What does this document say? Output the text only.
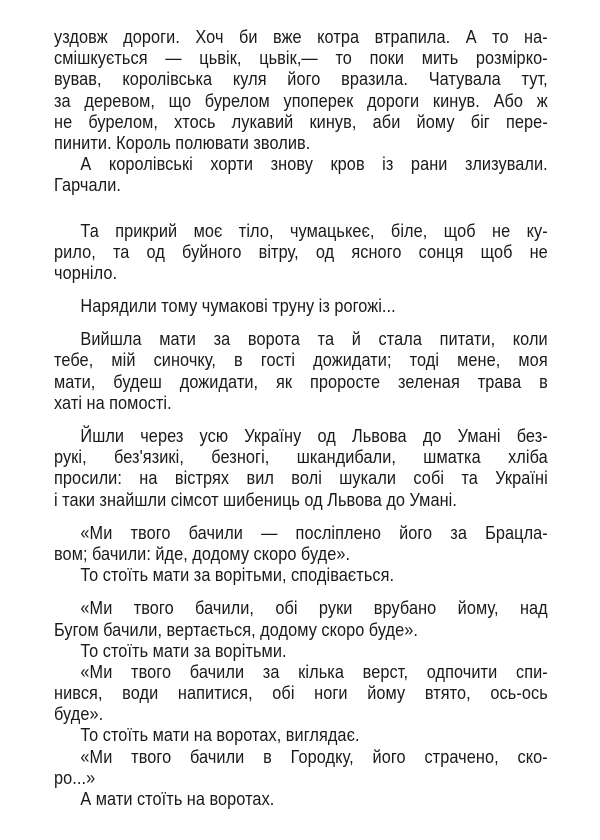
уздовж дороги. Хоч би вже котра втрапила. А то на-
смішкується — цьвік, цьвік,— то поки мить розмірко-
вував, королівська куля його вразила. Чатувала тут,
за деревом, що бурелом упоперек дороги кинув. Або ж
не бурелом, хтось лукавий кинув, аби йому біг пере-
пинити. Король полювати зволив.
А королівські хорти знову кров із рани злизували.
Гарчали.
Та прикрий моє тіло, чумацькеє, біле, щоб не ку-
рило, та од буйного вітру, од ясного сонця щоб не
чорніло.
Нарядили тому чумакові труну із рогожі...
Вийшла мати за ворота та й стала питати, коли
тебе, мій синочку, в гості дожидати; тоді мене, моя
мати, будеш дожидати, як проросте зеленая трава в
хаті на помості.
Йшли через усю Україну од Львова до Умані без-
рукі, без'язикі, безногі, шкандибали, шматка хліба
просили: на вістрях вил волі шукали собі та Україні
і таки знайшли сімсот шибениць од Львова до Умані.
«Ми твого бачили — посліплено його за Брацла-
вом; бачили: йде, додому скоро буде».
То стоїть мати за ворітьми, сподівається.
«Ми твого бачили, обі руки врубано йому, над
Бугом бачили, вертається, додому скоро буде».
То стоїть мати за ворітьми.
«Ми твого бачили за кілька верст, одпочити спи-
нився, води напитися, обі ноги йому втято, ось-ось
буде».
То стоїть мати на воротах, виглядає.
«Ми твого бачили в Городку, його страчено, ско-
ро...»
А мати стоїть на воротах.
